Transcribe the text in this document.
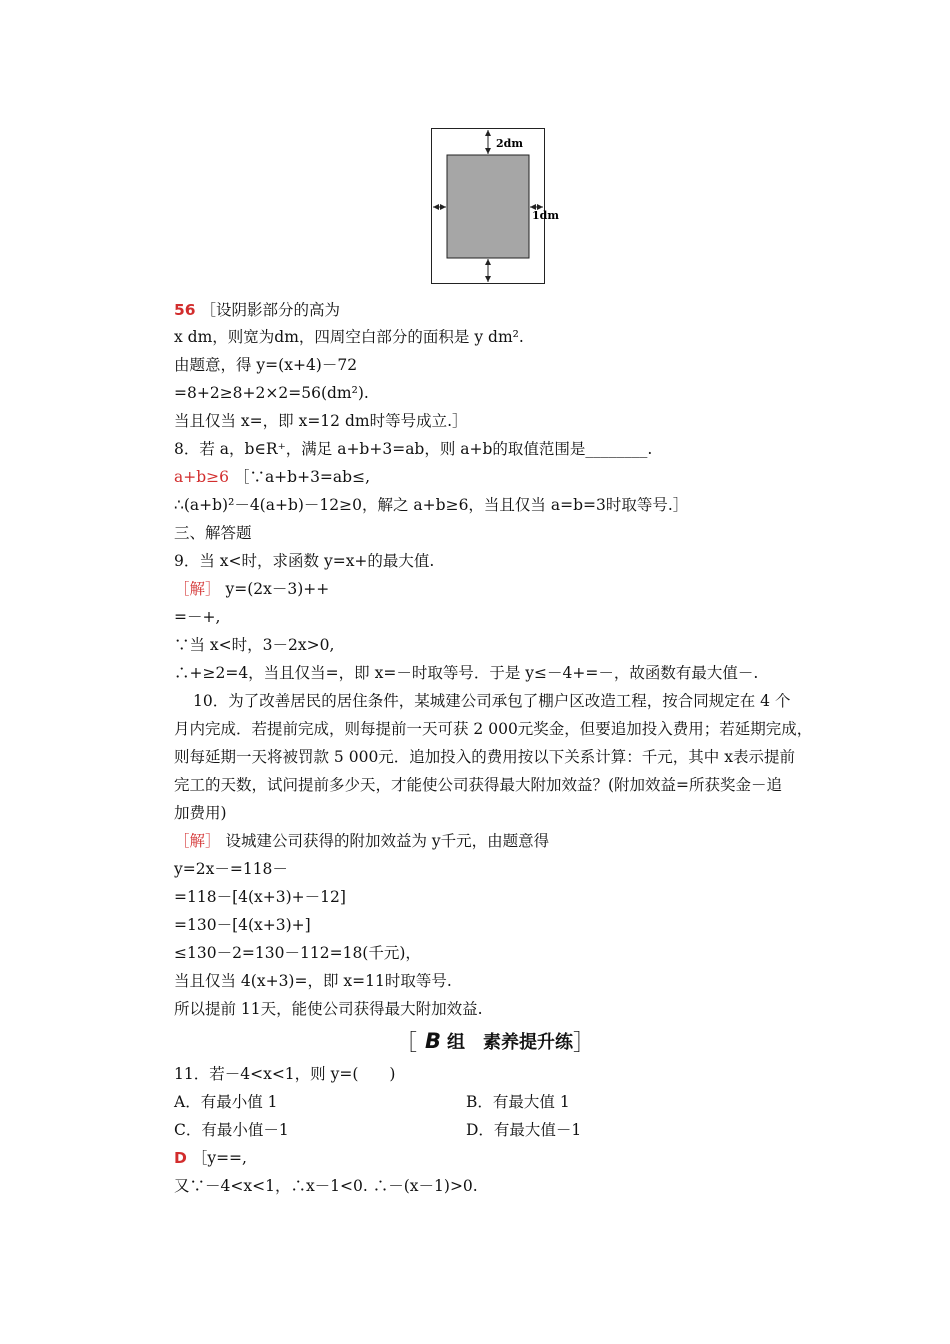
2dm
1dm
56 ［设阴影部分的高为
x dm，则宽为dm，四周空白部分的面积是 y dm².
由题意，得 y=(x+4)－72
=8+2≥8+2×2=56(dm²).
当且仅当 x=，即 x=12 dm时等号成立.］
8．若 a，b∈R⁺，满足 a+b+3=ab，则 a+b的取值范围是________.
a+b≥6 ［∵a+b+3=ab≤,
∴(a+b)²－4(a+b)－12≥0，解之 a+b≥6，当且仅当 a=b=3时取等号.］
三、解答题
9．当 x<时，求函数 y=x+的最大值.
［解］ y=(2x－3)++
=－+,
∵当 x<时，3－2x>0,
∴+≥2=4，当且仅当=，即 x=－时取等号．于是 y≤－4+=－，故函数有最大值－.
10．为了改善居民的居住条件，某城建公司承包了棚户区改造工程，按合同规定在 4 个
月内完成．若提前完成，则每提前一天可获 2 000元奖金，但要追加投入费用；若延期完成，
则每延期一天将被罚款 5 000元．追加投入的费用按以下关系计算：千元，其中 x表示提前
完工的天数，试问提前多少天，才能使公司获得最大附加效益？(附加效益=所获奖金－追
加费用)
［解］ 设城建公司获得的附加效益为 y千元，由题意得
y=2x－=118－
=118－[4(x+3)+－12]
=130－[4(x+3)+]
≤130－2=130－112=18(千元)，
当且仅当 4(x+3)=，即 x=11时取等号.
所以提前 11天，能使公司获得最大附加效益.
［ B 组　素养提升练 ］
11．若－4<x<1，则 y=(　　)
A．有最小值 1	B．有最大值 1
C．有最小值－1	D．有最大值－1
D ［y==,
又∵－4<x<1，∴x－1<0. ∴－(x－1)>0.
